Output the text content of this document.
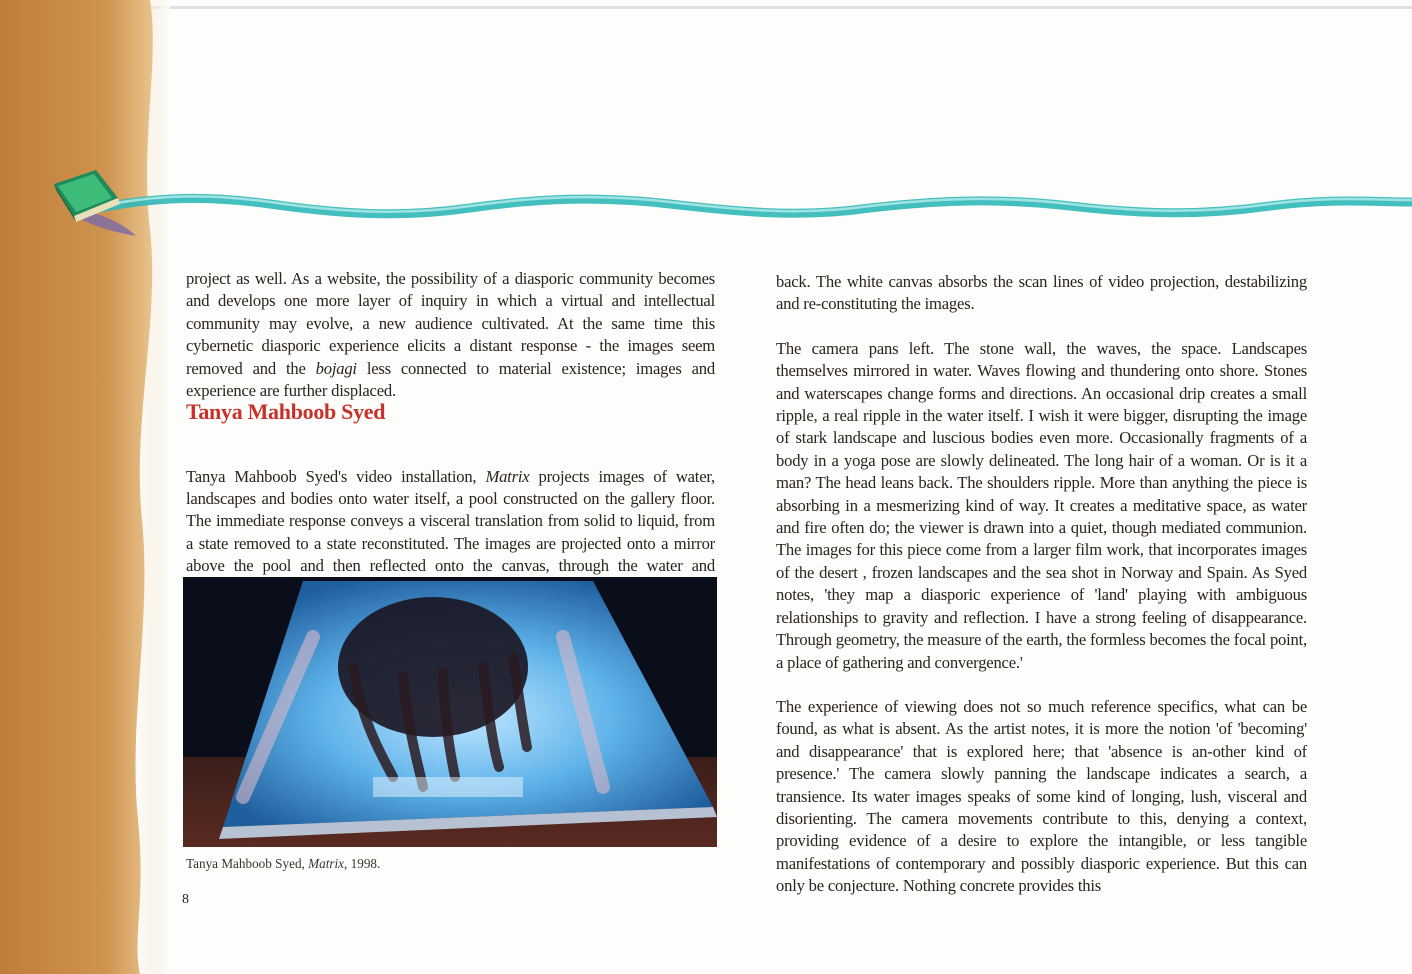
project as well. As a website, the possibility of a diasporic community becomes and develops one more layer of inquiry in which a virtual and intellectual community may evolve, a new audience cultivated. At the same time this cybernetic diasporic experience elicits a distant response - the images seem removed and the bojagi less connected to material existence; images and experience are further displaced.

Tanya Mahboob Syed

Tanya Mahboob Syed's video installation, Matrix projects images of water, landscapes and bodies onto water itself, a pool constructed on the gallery floor. The immediate response conveys a visceral translation from solid to liquid, from a state removed to a state reconstituted. The images are projected onto a mirror above the pool and then reflected onto the canvas, through the water and

Tanya Mahboob Syed, Matrix, 1998.

back. The white canvas absorbs the scan lines of video projection, destabilizing and re-constituting the images.

The camera pans left. The stone wall, the waves, the space. Landscapes themselves mirrored in water. Waves flowing and thundering onto shore. Stones and waterscapes change forms and directions. An occasional drip creates a small ripple, a real ripple in the water itself. I wish it were bigger, disrupting the image of stark landscape and luscious bodies even more. Occasionally fragments of a body in a yoga pose are slowly delineated. The long hair of a woman. Or is it a man? The head leans back. The shoulders ripple. More than anything the piece is absorbing in a mesmerizing kind of way. It creates a meditative space, as water and fire often do; the viewer is drawn into a quiet, though mediated communion. The images for this piece come from a larger film work, that incorporates images of the desert , frozen landscapes and the sea shot in Norway and Spain. As Syed notes, 'they map a diasporic experience of 'land' playing with ambiguous relationships to gravity and reflection. I have a strong feeling of disappearance. Through geometry, the measure of the earth, the formless becomes the focal point, a place of gathering and convergence.'

The experience of viewing does not so much reference specifics, what can be found, as what is absent. As the artist notes, it is more the notion 'of 'becoming' and disappearance' that is explored here; that 'absence is an-other kind of presence.' The camera slowly panning the landscape indicates a search, a transience. Its water images speaks of some kind of longing, lush, visceral and disorienting. The camera movements contribute to this, denying a context, providing evidence of a desire to explore the intangible, or less tangible manifestations of contemporary and possibly diasporic experience. But this can only be conjecture. Nothing concrete provides this

8
